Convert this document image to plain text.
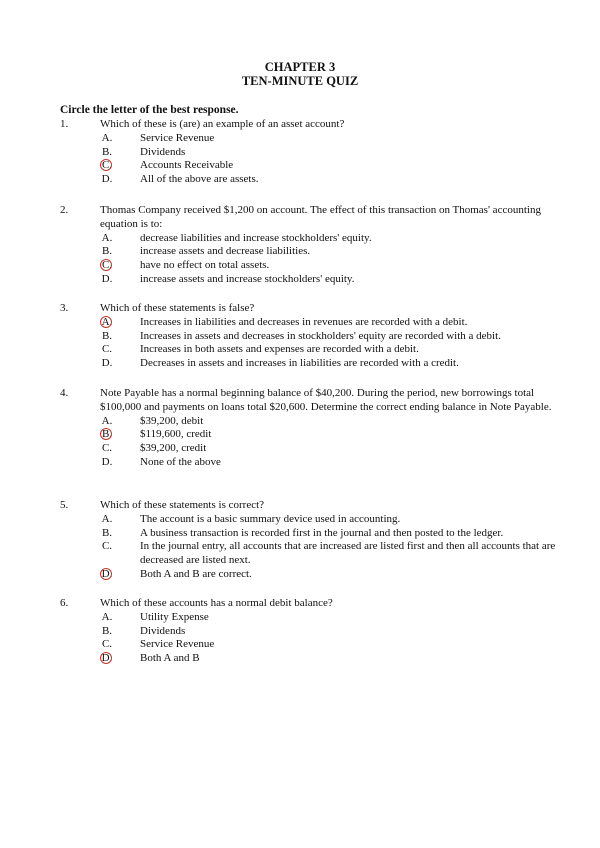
CHAPTER 3
TEN-MINUTE QUIZ
Circle the letter of the best response.
1.	Which of these is (are) an example of an asset account?
A.	Service Revenue
B.	Dividends
C.	Accounts Receivable
D.	All of the above are assets.
2.	Thomas Company received $1,200 on account. The effect of this transaction on Thomas' accounting equation is to:
A.	decrease liabilities and increase stockholders' equity.
B.	increase assets and decrease liabilities.
C.	have no effect on total assets.
D.	increase assets and increase stockholders' equity.
3.	Which of these statements is false?
A.	Increases in liabilities and decreases in revenues are recorded with a debit.
B.	Increases in assets and decreases in stockholders' equity are recorded with a debit.
C.	Increases in both assets and expenses are recorded with a debit.
D.	Decreases in assets and increases in liabilities are recorded with a credit.
4.	Note Payable has a normal beginning balance of $40,200. During the period, new borrowings total $100,000 and payments on loans total $20,600. Determine the correct ending balance in Note Payable.
A.	$39,200, debit
B.	$119,600, credit
C.	$39,200, credit
D.	None of the above
5.	Which of these statements is correct?
A.	The account is a basic summary device used in accounting.
B.	A business transaction is recorded first in the journal and then posted to the ledger.
C.	In the journal entry, all accounts that are increased are listed first and then all accounts that are decreased are listed next.
D.	Both A and B are correct.
6.	Which of these accounts has a normal debit balance?
A.	Utility Expense
B.	Dividends
C.	Service Revenue
D.	Both A and B
